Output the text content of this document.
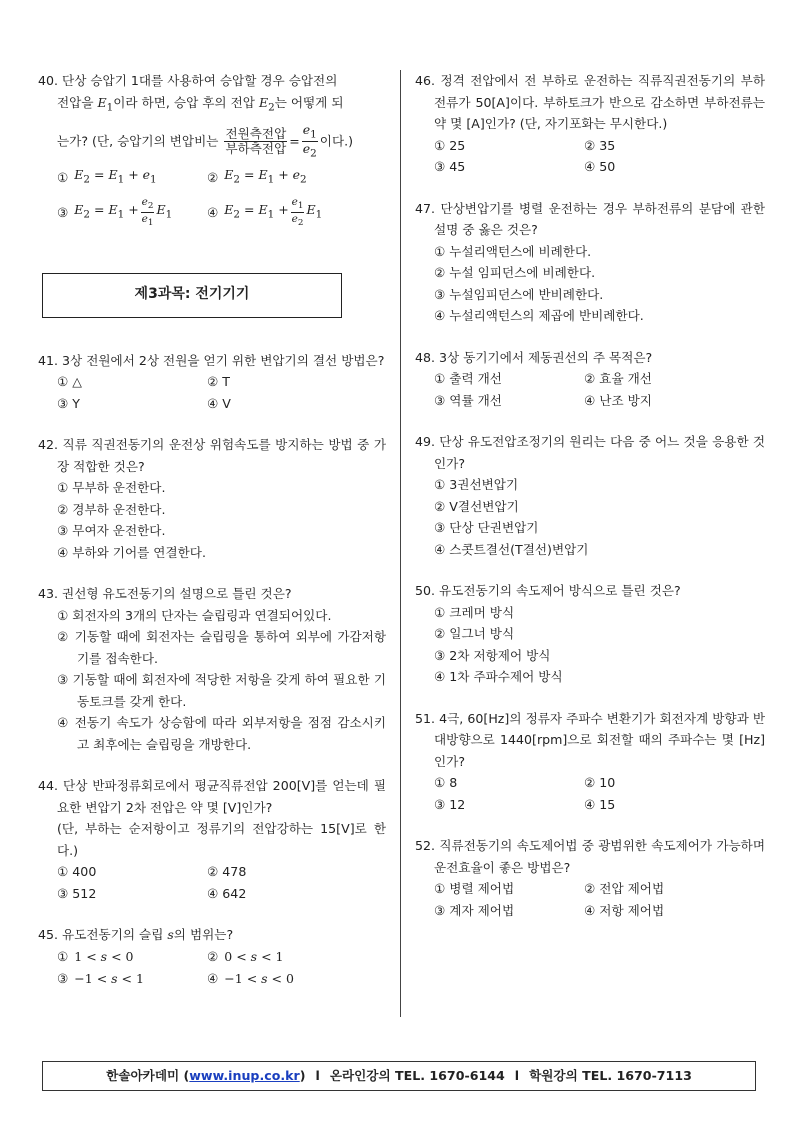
40. 단상 승압기 1대를 사용하여 승압할 경우 승압전의
전압을 $E_1$이라 하면, 승압 후의 전압 $E_2$는 어떻게 되
는가? (단, 승압기의 변압비는 $\frac{\text{전원측전압}}{\text{부하측전압}} = \frac{e_1}{e_2}$ 이다.)
① $E_2 = E_1 + e_1$	② $E_2 = E_1 + e_2$
③ $E_2 = E_1 + \frac{e_2}{e_1} E_1$	④ $E_2 = E_1 + \frac{e_1}{e_2} E_1$
제3과목: 전기기기
41. 3상 전원에서 2상 전원을 얻기 위한 변압기의 결선 방법은?
① △	② T
③ Y	④ V
42. 직류 직권전동기의 운전상 위험속도를 방지하는 방법 중 가장 적합한 것은?
① 무부하 운전한다.
② 경부하 운전한다.
③ 무여자 운전한다.
④ 부하와 기어를 연결한다.
43. 권선형 유도전동기의 설명으로 틀린 것은?
① 회전자의 3개의 단자는 슬립링과 연결되어있다.
② 기동할 때에 회전자는 슬립링을 통하여 외부에 가감저항기를 접속한다.
③ 기동할 때에 회전자에 적당한 저항을 갖게 하여 필요한 기동토크를 갖게 한다.
④ 전동기 속도가 상승함에 따라 외부저항을 점점 감소시키고 최후에는 슬립링을 개방한다.
44. 단상 반파정류회로에서 평균직류전압 200[V]를 얻는데 필요한 변압기 2차 전압은 약 몇 [V]인가?
(단, 부하는 순저항이고 정류기의 전압강하는 15[V]로 한다.)
① 400	② 478
③ 512	④ 642
45. 유도전동기의 슬립 s의 범위는?
① 1 < s < 0	② 0 < s < 1
③ −1 < s < 1	④ −1 < s < 0
46. 정격 전압에서 전 부하로 운전하는 직류직권전동기의 부하전류가 50[A]이다. 부하토크가 반으로 감소하면 부하전류는 약 몇 [A]인가? (단, 자기포화는 무시한다.)
① 25	② 35
③ 45	④ 50
47. 단상변압기를 병렬 운전하는 경우 부하전류의 분담에 관한 설명 중 옳은 것은?
① 누설리액턴스에 비례한다.
② 누설 임피던스에 비례한다.
③ 누설임피던스에 반비례한다.
④ 누설리액턴스의 제곱에 반비례한다.
48. 3상 동기기에서 제동권선의 주 목적은?
① 출력 개선	② 효율 개선
③ 역률 개선	④ 난조 방지
49. 단상 유도전압조정기의 원리는 다음 중 어느 것을 응용한 것인가?
① 3권선변압기
② V결선변압기
③ 단상 단권변압기
④ 스콧트결선(T결선)변압기
50. 유도전동기의 속도제어 방식으로 틀린 것은?
① 크레머 방식
② 일그너 방식
③ 2차 저항제어 방식
④ 1차 주파수제어 방식
51. 4극, 60[Hz]의 정류자 주파수 변환기가 회전자계 방향과 반대방향으로 1440[rpm]으로 회전할 때의 주파수는 몇 [Hz]인가?
① 8	② 10
③ 12	④ 15
52. 직류전동기의 속도제어법 중 광범위한 속도제어가 가능하며 운전효율이 좋은 방법은?
① 병렬 제어법	② 전압 제어법
③ 계자 제어법	④ 저항 제어법
한솔아카데미 ( www.inup.co.kr ) l 온라인강의 TEL. 1670-6144 l 학원강의 TEL. 1670-7113
